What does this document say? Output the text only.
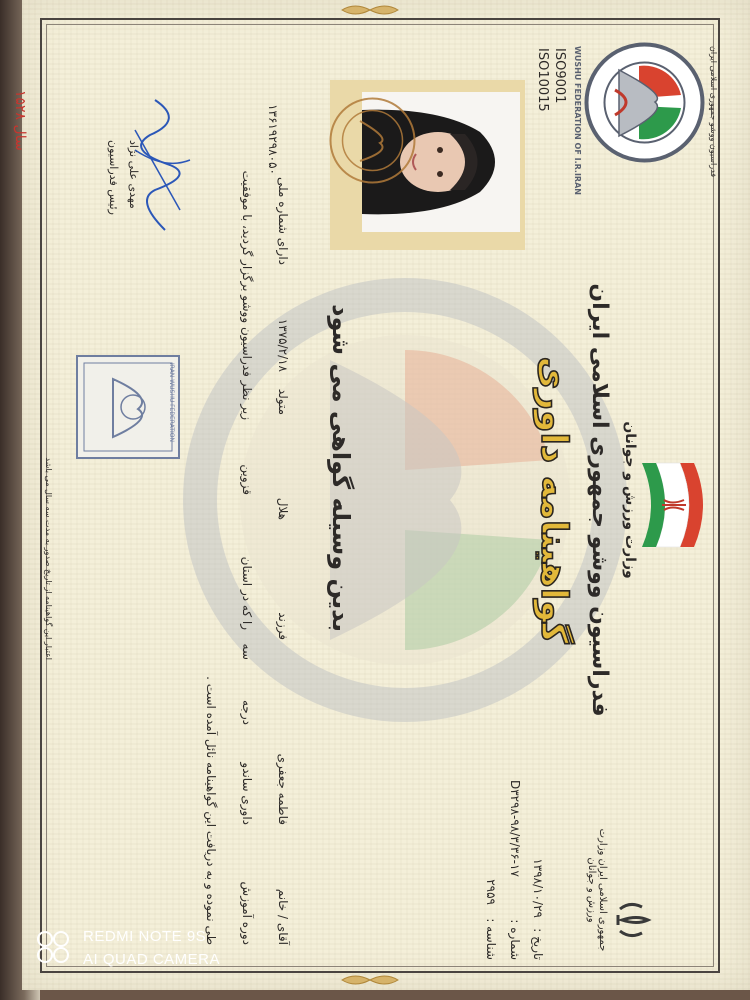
وزارت ورزش و جوانان
فدراسیون ووشو جمهوری اسلامی ایران
گواهینامه داوری
بدین وسیله گواهی می شود
جمهوری اسلامی ایران وزارت ورزش و جوانان
تاریخ :
۱۳۹۸/۱۰/۲۹
شماره :
D۳۲۹۸-۹۸/۳/۳۶-۱۷
شناسه :
۲۹۵۹
فدراسیون ووشو جمهوری اسلامی ایران
WUSHU FEDERATION OF I.R.IRAN
ISO9001
ISO10015
آقای / خانم
فاطمه جعفری
فرزند
هلال
متولد
۱۳۷۵/۲/۱۸
دارای شماره ملی
۱۳۶۱۹۲۹۸۰۵۰
دوره آموزش
داوری ساندو
درجه
سه
را که در استان
قزوین
زیر نظر فدراسیون ووشو برگزار گردید، با موفقیت
طی نموده و به دریافت این گواهینامه نائل آمده است .
مهدی علی نژاد
رئیس فدراسیون
IRAN WUSHU FEDERATION
اعتبار این گواهینامه از تاریخ صدور به مدت سه سال می باشد
سال ۱۵۲۸
REDMI NOTE 9S
AI QUAD CAMERA
